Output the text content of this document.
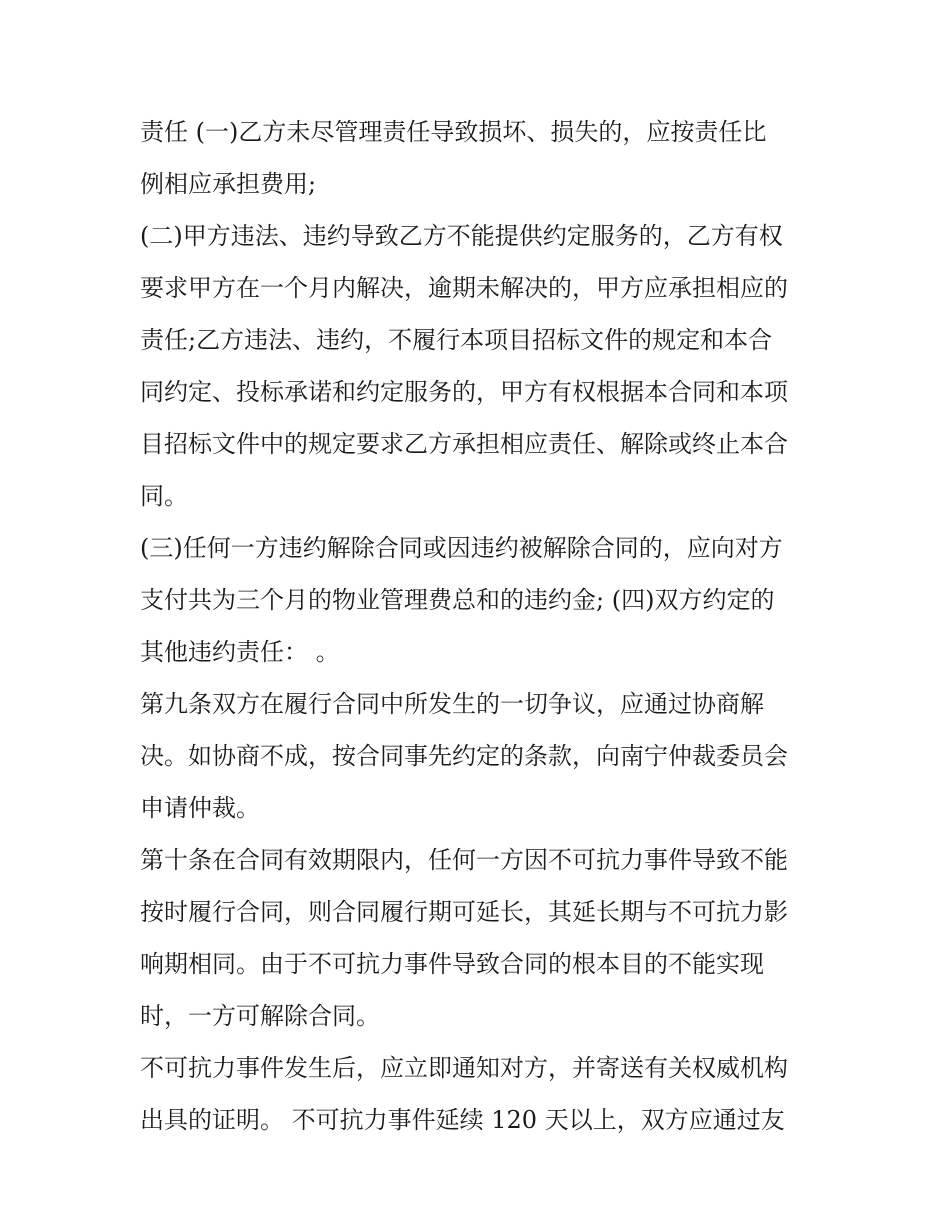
责任 (一)乙方未尽管理责任导致损坏、损失的，应按责任比
例相应承担费用;
(二)甲方违法、违约导致乙方不能提供约定服务的，乙方有权
要求甲方在一个月内解决，逾期未解决的，甲方应承担相应的
责任;乙方违法、违约，不履行本项目招标文件的规定和本合
同约定、投标承诺和约定服务的，甲方有权根据本合同和本项
目招标文件中的规定要求乙方承担相应责任、解除或终止本合
同。
(三)任何一方违约解除合同或因违约被解除合同的，应向对方
支付共为三个月的物业管理费总和的违约金; (四)双方约定的
其他违约责任： 。
第九条双方在履行合同中所发生的一切争议，应通过协商解
决。如协商不成，按合同事先约定的条款，向南宁仲裁委员会
申请仲裁。
第十条在合同有效期限内，任何一方因不可抗力事件导致不能
按时履行合同，则合同履行期可延长，其延长期与不可抗力影
响期相同。由于不可抗力事件导致合同的根本目的不能实现
时，一方可解除合同。
不可抗力事件发生后，应立即通知对方，并寄送有关权威机构
出具的证明。 不可抗力事件延续 120 天以上，双方应通过友
